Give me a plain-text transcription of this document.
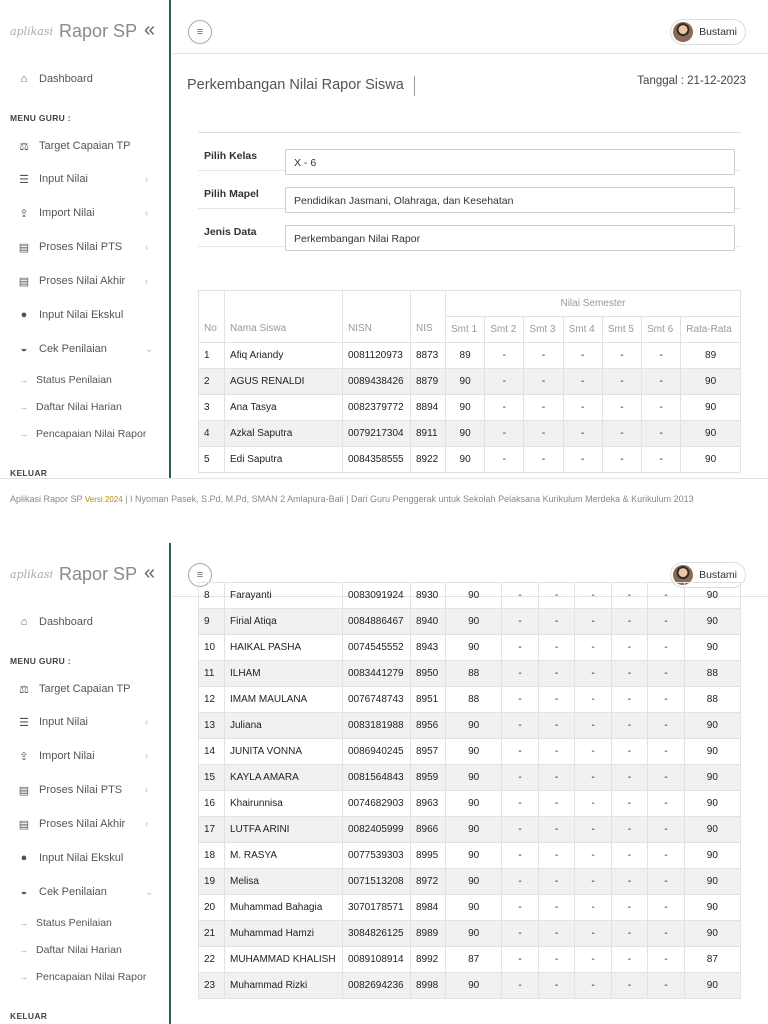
aplikasi Rapor SP «
⌂	Dashboard
MENU GURU :
⚖ Target Capaian TP
☰ Input Nilai	‹
⇪ Import Nilai	‹
▤ Proses Nilai PTS ‹
▤ Proses Nilai Akhir ‹
●	Input Nilai Ekskul
◒	Cek Penilaian	⌄
→ Status Penilaian
→ Daftar Nilai Harian
→ Pencapaian Nilai Rapor
KELUAR
≡	Bustami
Perkembangan Nilai Rapor Siswa	Tanggal : 21-12-2023
Pilih Kelas
X - 6
Pilih Mapel
Pendidikan Jasmani, Olahraga, dan Kesehatan
Jenis Data
Perkembangan Nilai Rapor
No	Nama Siswa	NISN	NIS	Nilai Semester						
				Smt 1	Smt 2	Smt 3	Smt 4	Smt 5	Smt 6	Rata-Rata
1	Afiq Ariandy	0081120973	8873	89	-	-	-	-	-	89
2	AGUS RENALDI	0089438426	8879	90	-	-	-	-	-	90
3	Ana Tasya	0082379772	8894	90	-	-	-	-	-	90
4	Azkal Saputra	0079217304	8911	90	-	-	-	-	-	90
5	Edi Saputra	0084358555	8922	90	-	-	-	-	-	90
Aplikasi Rapor SP Versi 2024 | I Nyoman Pasek, S.Pd, M.Pd, SMAN 2 Amlapura-Bali | Dari Guru Penggerak untuk Sekolah Pelaksana Kurikulum Merdeka & Kurikulum 2013
aplikasi Rapor SP «
⌂	Dashboard
MENU GURU :
⚖ Target Capaian TP
☰ Input Nilai	‹
⇪ Import Nilai	‹
▤ Proses Nilai PTS ‹
▤ Proses Nilai Akhir ‹
●	Input Nilai Ekskul
◒	Cek Penilaian	⌄
→ Status Penilaian
→ Daftar Nilai Harian
→ Pencapaian Nilai Rapor
KELUAR
≡	Bustami
8	Farayanti	0083091924	8930	90	-	-	-	-	-	90
9	Firial Atiqa	0084886467	8940	90	-	-	-	-	-	90
10	HAIKAL PASHA	0074545552	8943	90	-	-	-	-	-	90
11	ILHAM	0083441279	8950	88	-	-	-	-	-	88
12	IMAM MAULANA	0076748743	8951	88	-	-	-	-	-	88
13	Juliana	0083181988	8956	90	-	-	-	-	-	90
14	JUNITA VONNA	0086940245	8957	90	-	-	-	-	-	90
15	KAYLA AMARA	0081564843	8959	90	-	-	-	-	-	90
16	Khairunnisa	0074682903	8963	90	-	-	-	-	-	90
17	LUTFA ARINI	0082405999	8966	90	-	-	-	-	-	90
18	M. RASYA	0077539303	8995	90	-	-	-	-	-	90
19	Melisa	0071513208	8972	90	-	-	-	-	-	90
20	Muhammad Bahagia	3070178571	8984	90	-	-	-	-	-	90
21	Muhammad Hamzi	3084826125	8989	90	-	-	-	-	-	90
22	MUHAMMAD KHALISH	0089108914	8992	87	-	-	-	-	-	87
23	Muhammad Rizki	0082694236	8998	90	-	-	-	-	-	90
